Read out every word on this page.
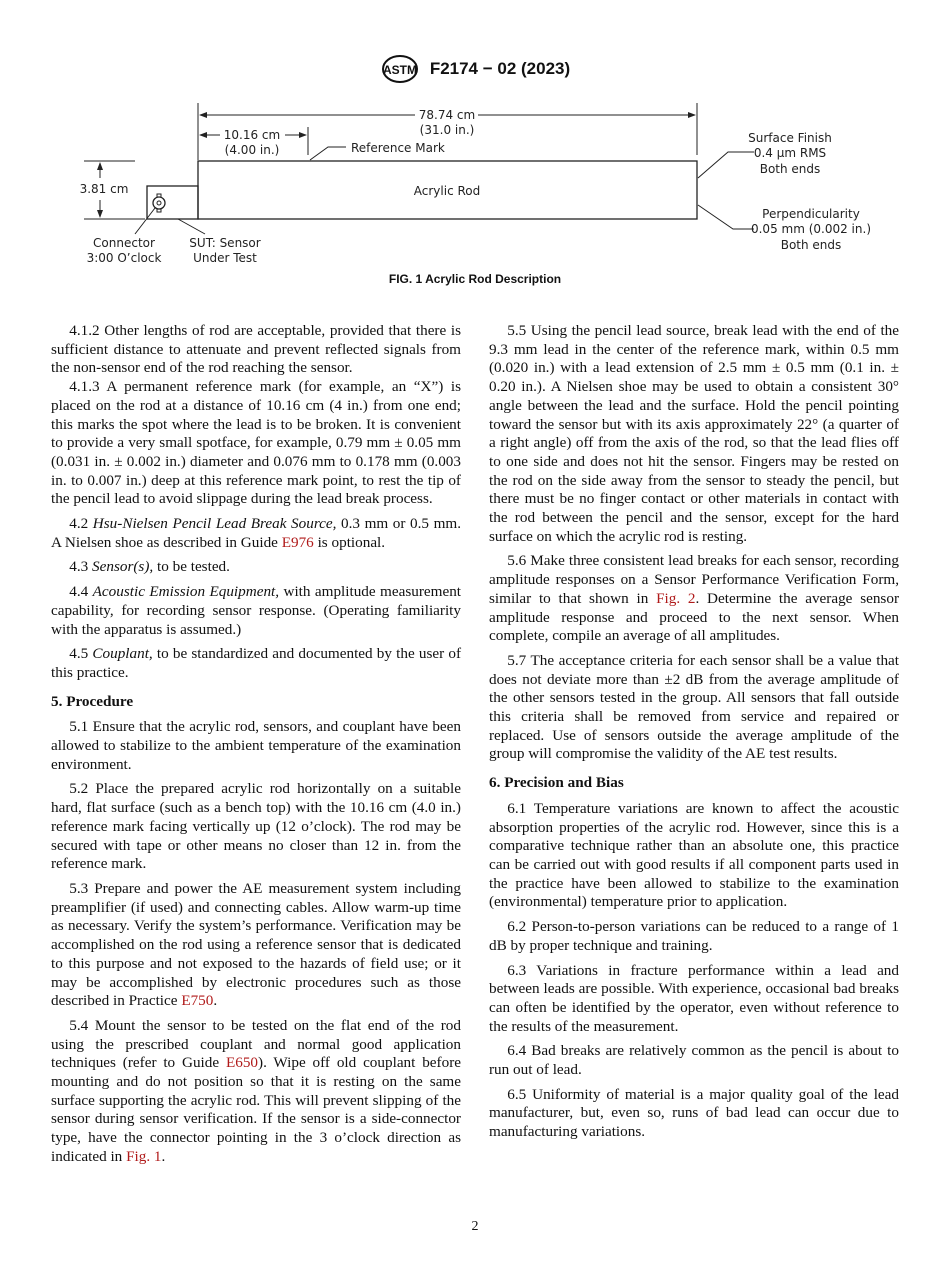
ASTM F2174 − 02 (2023)
78.74 cm
(31.0 in.)
10.16 cm
(4.00 in.)	Reference Mark
Acrylic Rod
3.81 cm
Connector
3:00 O’clock
SUT: Sensor
Under Test
Surface Finish
0.4 µm RMS
Both ends
Perpendicularity
0.05 mm (0.002 in.)
Both ends
FIG. 1 Acrylic Rod Description

4.1.2 Other lengths of rod are acceptable, provided that there is sufficient distance to attenuate and prevent reflected signals from the non-sensor end of the rod reaching the sensor.

4.1.3 A permanent reference mark (for example, an “X”) is placed on the rod at a distance of 10.16 cm (4 in.) from one end; this marks the spot where the lead is to be broken. It is convenient to provide a very small spotface, for example, 0.79 mm ± 0.05 mm (0.031 in. ± 0.002 in.) diameter and 0.076 mm to 0.178 mm (0.003 in. to 0.007 in.) deep at this reference mark point, to rest the tip of the pencil lead to avoid slippage during the lead break process.

4.2 Hsu-Nielsen Pencil Lead Break Source, 0.3 mm or 0.5 mm. A Nielsen shoe as described in Guide E976 is optional.

4.3 Sensor(s), to be tested.

4.4 Acoustic Emission Equipment, with amplitude measurement capability, for recording sensor response. (Operating familiarity with the apparatus is assumed.)

4.5 Couplant, to be standardized and documented by the user of this practice.

5. Procedure

5.1 Ensure that the acrylic rod, sensors, and couplant have been allowed to stabilize to the ambient temperature of the examination environment.

5.2 Place the prepared acrylic rod horizontally on a suitable hard, flat surface (such as a bench top) with the 10.16 cm (4.0 in.) reference mark facing vertically up (12 o’clock). The rod may be secured with tape or other means no closer than 12 in. from the reference mark.

5.3 Prepare and power the AE measurement system including preamplifier (if used) and connecting cables. Allow warm-up time as necessary. Verify the system’s performance. Verification may be accomplished on the rod using a reference sensor that is dedicated to this purpose and not exposed to the hazards of field use; or it may be accomplished by electronic procedures such as those described in Practice E750.

5.4 Mount the sensor to be tested on the flat end of the rod using the prescribed couplant and normal good application techniques (refer to Guide E650). Wipe off old couplant before mounting and do not position so that it is resting on the same surface supporting the acrylic rod. This will prevent slipping of the sensor during sensor verification. If the sensor is a side-connector type, have the connector pointing in the 3 o’clock direction as indicated in Fig. 1.

5.5 Using the pencil lead source, break lead with the end of the 9.3 mm lead in the center of the reference mark, within 0.5 mm (0.020 in.) with a lead extension of 2.5 mm ± 0.5 mm (0.1 in. ± 0.20 in.). A Nielsen shoe may be used to obtain a consistent 30° angle between the lead and the surface. Hold the pencil pointing toward the sensor but with its axis approximately 22° (a quarter of a right angle) off from the axis of the rod, so that the lead flies off to one side and does not hit the sensor. Fingers may be rested on the rod on the side away from the sensor to steady the pencil, but there must be no finger contact or other materials in contact with the rod between the pencil and the sensor, except for the hard surface on which the acrylic rod is resting.

5.6 Make three consistent lead breaks for each sensor, recording amplitude responses on a Sensor Performance Verification Form, similar to that shown in Fig. 2. Determine the average sensor amplitude response and proceed to the next sensor. When complete, compile an average of all amplitudes.

5.7 The acceptance criteria for each sensor shall be a value that does not deviate more than ±2 dB from the average amplitude of the other sensors tested in the group. All sensors that fall outside this criteria shall be removed from service and repaired or replaced. Use of sensors outside the average amplitude of the group will compromise the validity of the AE test results.

6. Precision and Bias

6.1 Temperature variations are known to affect the acoustic absorption properties of the acrylic rod. However, since this is a comparative technique rather than an absolute one, this practice can be carried out with good results if all component parts used in the practice have been allowed to stabilize to the examination (environmental) temperature prior to application.

6.2 Person-to-person variations can be reduced to a range of 1 dB by proper technique and training.

6.3 Variations in fracture performance within a lead and between leads are possible. With experience, occasional bad breaks can often be identified by the operator, even without reference to the results of the measurement.

6.4 Bad breaks are relatively common as the pencil is about to run out of lead.

6.5 Uniformity of material is a major quality goal of the lead manufacturer, but, even so, runs of bad lead can occur due to manufacturing variations.

2
